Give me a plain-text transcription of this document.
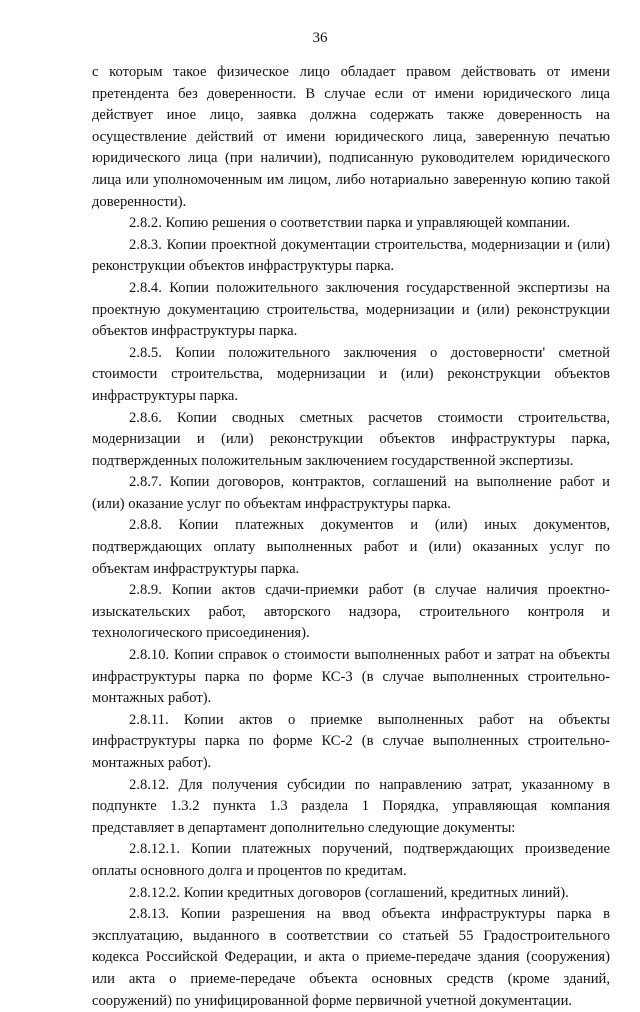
36

с которым такое физическое лицо обладает правом действовать от имени претендента без доверенности. В случае если от имени юридического лица действует иное лицо, заявка должна содержать также доверенность на осуществление действий от имени юридического лица, заверенную печатью юридического лица (при наличии), подписанную руководителем юридического лица или уполномоченным им лицом, либо нотариально заверенную копию такой доверенности).

2.8.2. Копию решения о соответствии парка и управляющей компании.

2.8.3. Копии проектной документации строительства, модернизации и (или) реконструкции объектов инфраструктуры парка.

2.8.4. Копии положительного заключения государственной экспертизы на проектную документацию строительства, модернизации и (или) реконструкции объектов инфраструктуры парка.

2.8.5. Копии положительного заключения о достоверности' сметной стоимости строительства, модернизации и (или) реконструкции объектов инфраструктуры парка.

2.8.6. Копии сводных сметных расчетов стоимости строительства, модернизации и (или) реконструкции объектов инфраструктуры парка, подтвержденных положительным заключением государственной экспертизы.

2.8.7. Копии договоров, контрактов, соглашений на выполнение работ и (или) оказание услуг по объектам инфраструктуры парка.

2.8.8. Копии платежных документов и (или) иных документов, подтверждающих оплату выполненных работ и (или) оказанных услуг по объектам инфраструктуры парка.

2.8.9. Копии актов сдачи-приемки работ (в случае наличия проектно-изыскательских работ, авторского надзора, строительного контроля и технологического присоединения).

2.8.10. Копии справок о стоимости выполненных работ и затрат на объекты инфраструктуры парка по форме КС-3 (в случае выполненных строительно-монтажных работ).

2.8.11. Копии актов о приемке выполненных работ на объекты инфраструктуры парка по форме КС-2 (в случае выполненных строительно-монтажных работ).

2.8.12. Для получения субсидии по направлению затрат, указанному в подпункте 1.3.2 пункта 1.3 раздела 1 Порядка, управляющая компания представляет в департамент дополнительно следующие документы:

2.8.12.1. Копии платежных поручений, подтверждающих произведение оплаты основного долга и процентов по кредитам.

2.8.12.2. Копии кредитных договоров (соглашений, кредитных линий).

2.8.13. Копии разрешения на ввод объекта инфраструктуры парка в эксплуатацию, выданного в соответствии со статьей 55 Градостроительного кодекса Российской Федерации, и акта о приеме-передаче здания (сооружения) или акта о приеме-передаче объекта основных средств (кроме зданий, сооружений) по унифицированной форме первичной учетной документации.
